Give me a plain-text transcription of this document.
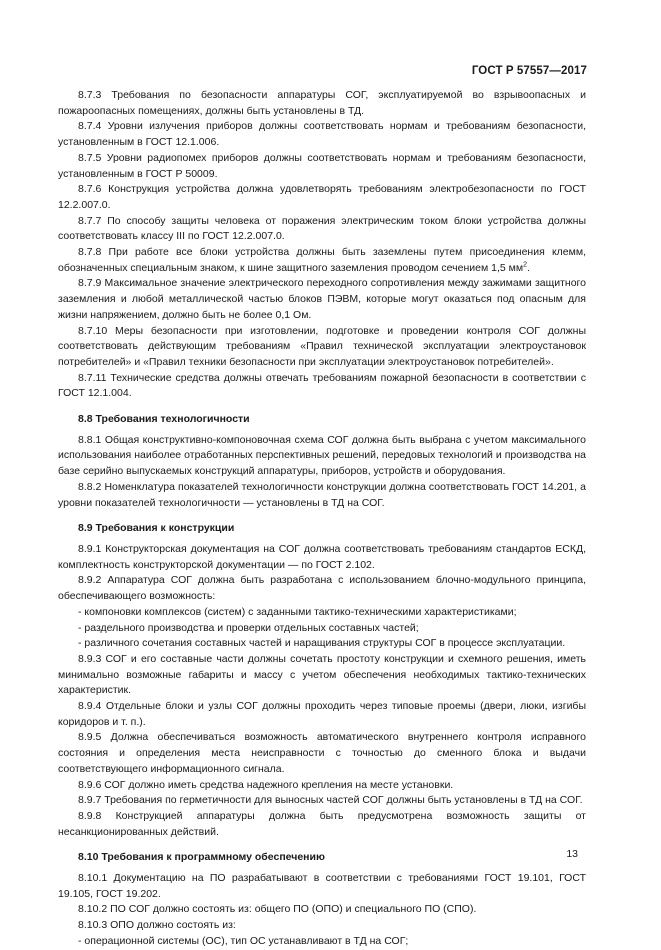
ГОСТ Р 57557—2017

8.7.3 Требования по безопасности аппаратуры СОГ, эксплуатируемой во взрывоопасных и пожароопасных помещениях, должны быть установлены в ТД.

8.7.4 Уровни излучения приборов должны соответствовать нормам и требованиям безопасности, установленным в ГОСТ 12.1.006.

8.7.5 Уровни радиопомех приборов должны соответствовать нормам и требованиям безопасности, установленным в ГОСТ Р 50009.

8.7.6 Конструкция устройства должна удовлетворять требованиям электробезопасности по ГОСТ 12.2.007.0.

8.7.7 По способу защиты человека от поражения электрическим током блоки устройства должны соответствовать классу III по ГОСТ 12.2.007.0.

8.7.8 При работе все блоки устройства должны быть заземлены путем присоединения клемм, обозначенных специальным знаком, к шине защитного заземления проводом сечением 1,5 $мм^2$.

8.7.9 Максимальное значение электрического переходного сопротивления между зажимами защитного заземления и любой металлической частью блоков ПЭВМ, которые могут оказаться под опасным для жизни напряжением, должно быть не более 0,1 Ом.

8.7.10 Меры безопасности при изготовлении, подготовке и проведении контроля СОГ должны соответствовать действующим требованиям «Правил технической эксплуатации электроустановок потребителей» и «Правил техники безопасности при эксплуатации электроустановок потребителей».

8.7.11 Технические средства должны отвечать требованиям пожарной безопасности в соответствии с ГОСТ 12.1.004.

8.8 Требования технологичности

8.8.1 Общая конструктивно-компоновочная схема СОГ должна быть выбрана с учетом максимального использования наиболее отработанных перспективных решений, передовых технологий и производства на базе серийно выпускаемых конструкций аппаратуры, приборов, устройств и оборудования.

8.8.2 Номенклатура показателей технологичности конструкции должна соответствовать ГОСТ 14.201, а уровни показателей технологичности — установлены в ТД на СОГ.

8.9 Требования к конструкции

8.9.1 Конструкторская документация на СОГ должна соответствовать требованиям стандартов ЕСКД, комплектность конструкторской документации — по ГОСТ 2.102.

8.9.2 Аппаратура СОГ должна быть разработана с использованием блочно-модульного принципа, обеспечивающего возможность:

- компоновки комплексов (систем) с заданными тактико-техническими характеристиками;

- раздельного производства и проверки отдельных составных частей;

- различного сочетания составных частей и наращивания структуры СОГ в процессе эксплуатации.

8.9.3 СОГ и его составные части должны сочетать простоту конструкции и схемного решения, иметь минимально возможные габариты и массу с учетом обеспечения необходимых тактико-технических характеристик.

8.9.4 Отдельные блоки и узлы СОГ должны проходить через типовые проемы (двери, люки, изгибы коридоров и т. п.).

8.9.5 Должна обеспечиваться возможность автоматического внутреннего контроля исправного состояния и определения места неисправности с точностью до сменного блока и выдачи соответствующего информационного сигнала.

8.9.6 СОГ должно иметь средства надежного крепления на месте установки.

8.9.7 Требования по герметичности для выносных частей СОГ должны быть установлены в ТД на СОГ.

8.9.8 Конструкцией аппаратуры должна быть предусмотрена возможность защиты от несанкционированных действий.

8.10 Требования к программному обеспечению

8.10.1 Документацию на ПО разрабатывают в соответствии с требованиями ГОСТ 19.101, ГОСТ 19.105, ГОСТ 19.202.

8.10.2 ПО СОГ должно состоять из: общего ПО (ОПО) и специального ПО (СПО).

8.10.3 ОПО должно состоять из:

- операционной системы (ОС), тип ОС устанавливают в ТД на СОГ;

13
